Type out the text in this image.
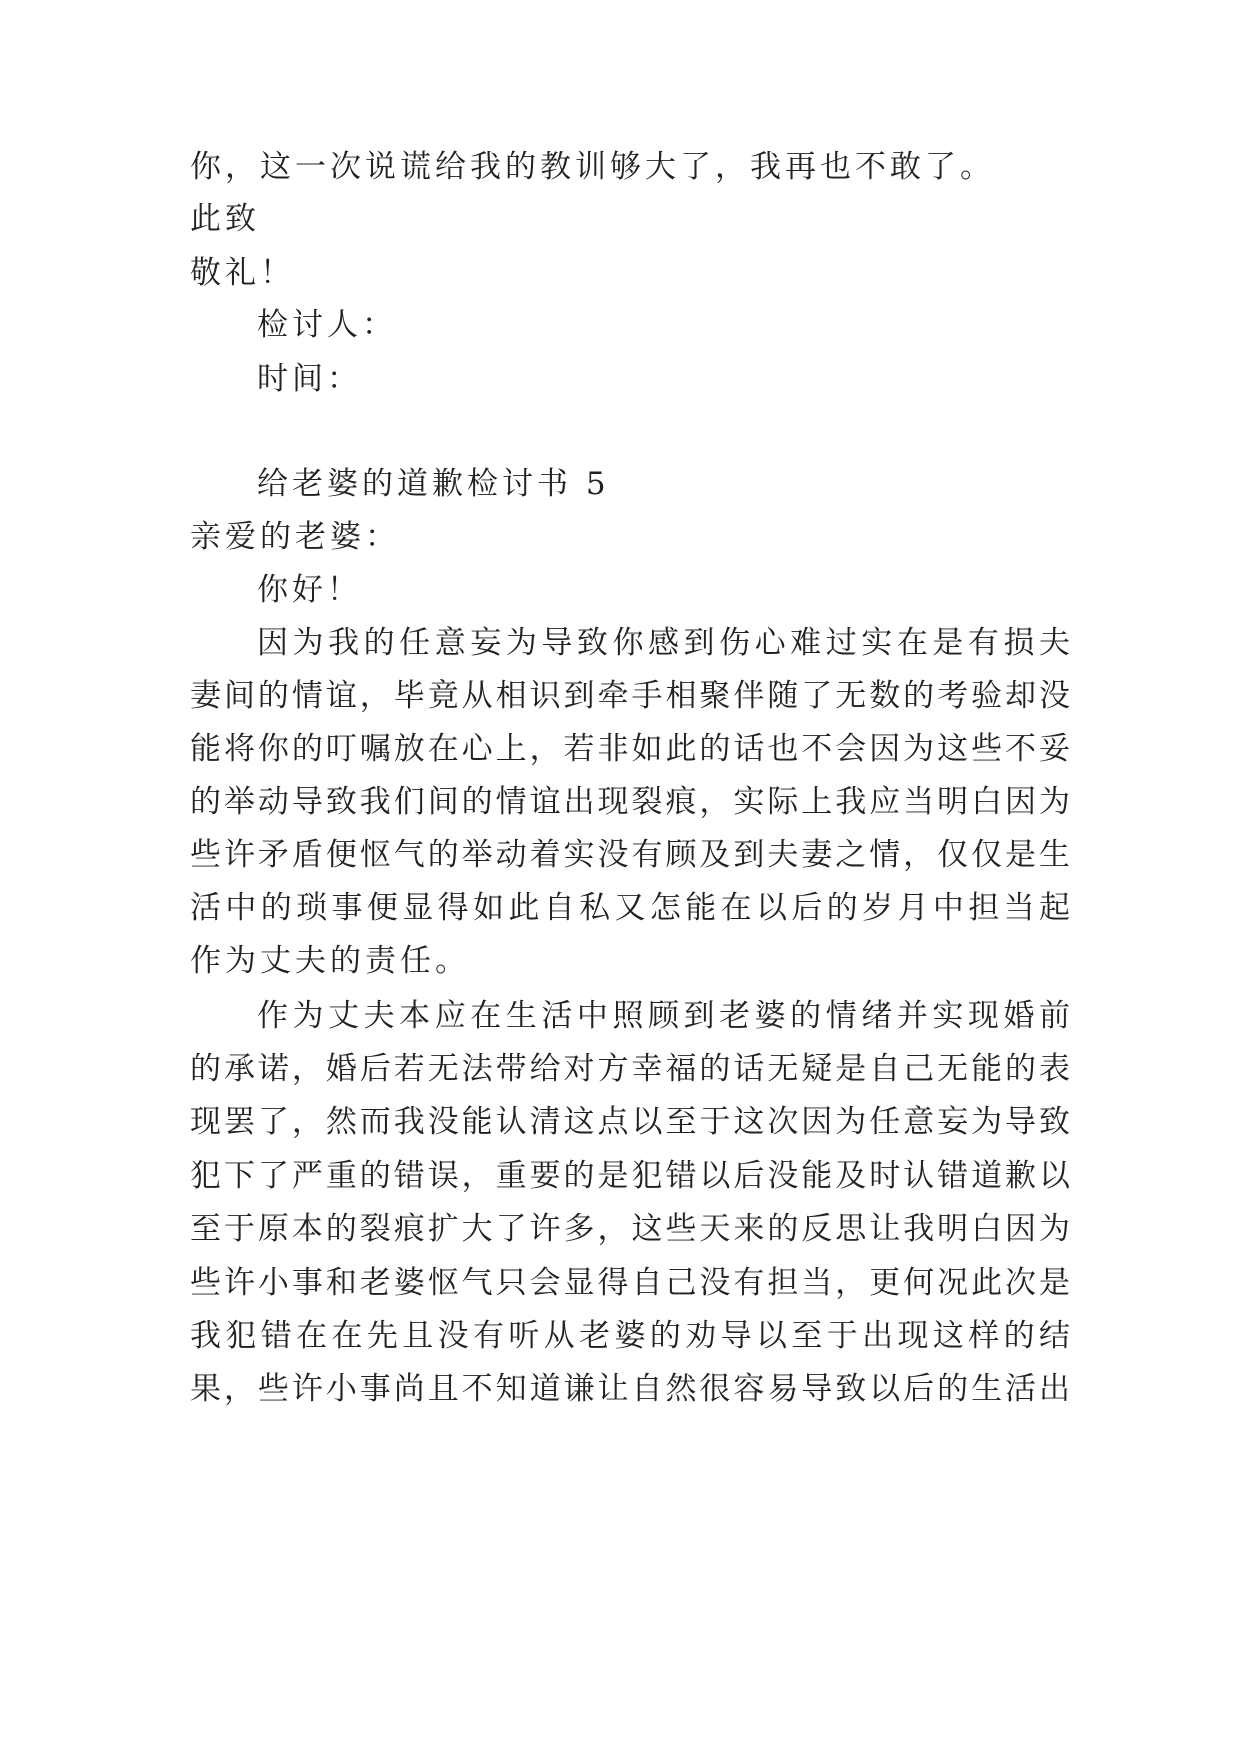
你，这一次说谎给我的教训够大了，我再也不敢了。
此致
敬礼！
检讨人：
时间：
给老婆的道歉检讨书 5
亲爱的老婆：
你好！
因为我的任意妄为导致你感到伤心难过实在是有损夫
妻间的情谊，毕竟从相识到牵手相聚伴随了无数的考验却没
能将你的叮嘱放在心上，若非如此的话也不会因为这些不妥
的举动导致我们间的情谊出现裂痕，实际上我应当明白因为
些许矛盾便怄气的举动着实没有顾及到夫妻之情，仅仅是生
活中的琐事便显得如此自私又怎能在以后的岁月中担当起
作为丈夫的责任。
作为丈夫本应在生活中照顾到老婆的情绪并实现婚前
的承诺，婚后若无法带给对方幸福的话无疑是自己无能的表
现罢了，然而我没能认清这点以至于这次因为任意妄为导致
犯下了严重的错误，重要的是犯错以后没能及时认错道歉以
至于原本的裂痕扩大了许多，这些天来的反思让我明白因为
些许小事和老婆怄气只会显得自己没有担当，更何况此次是
我犯错在在先且没有听从老婆的劝导以至于出现这样的结
果，些许小事尚且不知道谦让自然很容易导致以后的生活出
